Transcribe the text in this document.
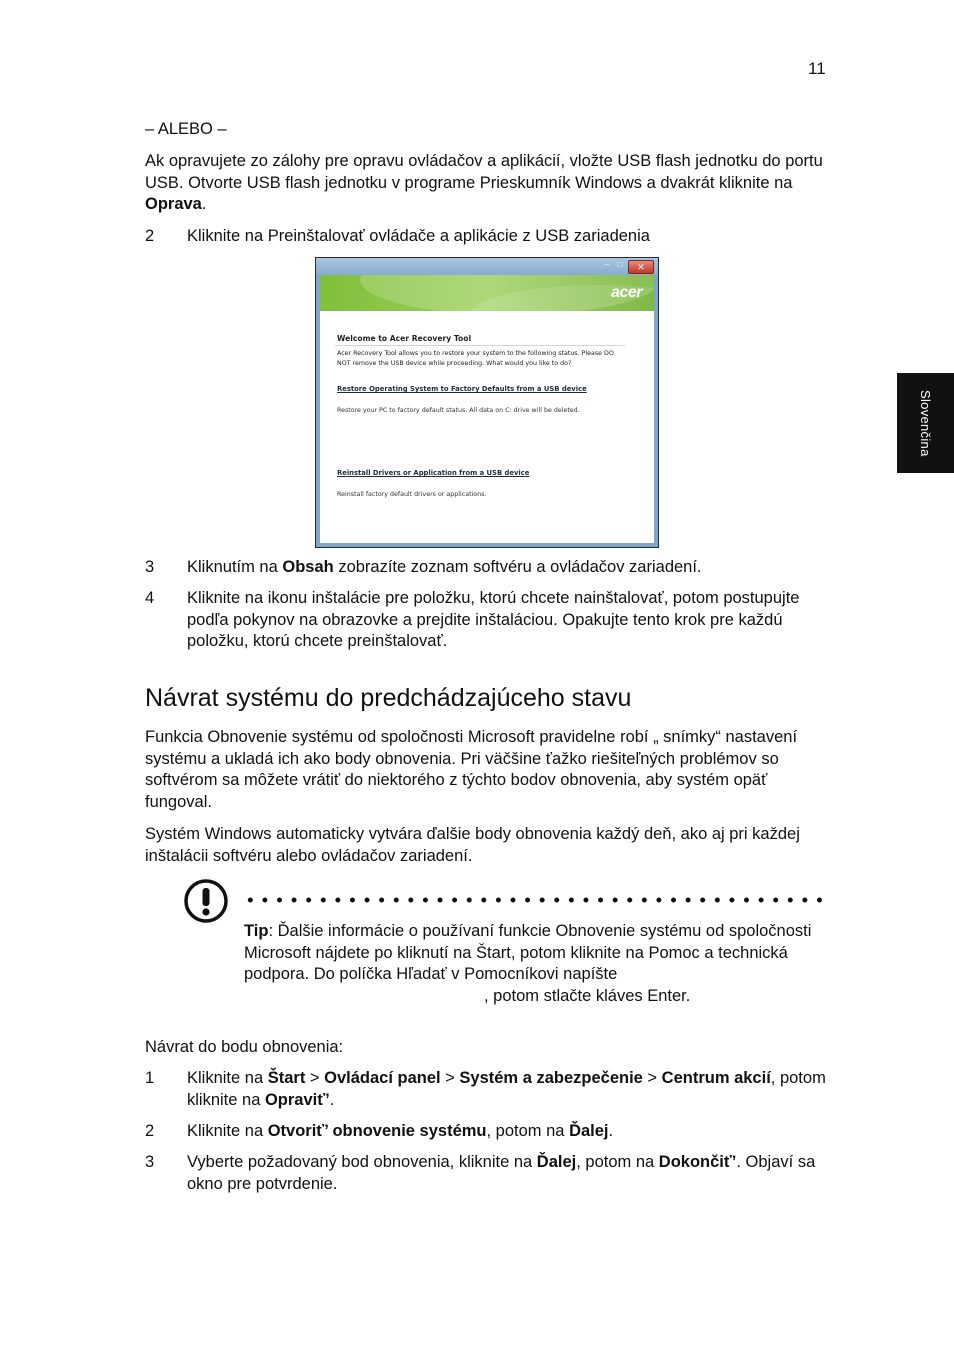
11
Slovenčina

– ALEBO –

Ak opravujete zo zálohy pre opravu ovládačov a aplikácií, vložte USB flash jednotku do portu USB. Otvorte USB flash jednotku v programe Prieskumník Windows a dvakrát kliknite na Oprava.

2 Kliknite na Preinštalovať ovládače a aplikácie z USB zariadenia

–	□	✕
acer
Welcome to Acer Recovery Tool
Acer Recovery Tool allows you to restore your system to the following status. Please DO NOT remove the USB device while proceeding. What would you like to do?
Restore Operating System to Factory Defaults from a USB device
Restore your PC to factory default status. All data on C: drive will be deleted.
Reinstall Drivers or Application from a USB device
Reinstall factory default drivers or applications.
3 Kliknutím na Obsah zobrazíte zoznam softvéru a ovládačov zariadení.

4 Kliknite na ikonu inštalácie pre položku, ktorú chcete nainštalovať, potom postupujte podľa pokynov na obrazovke a prejdite inštaláciou. Opakujte tento krok pre každú položku, ktorú chcete preinštalovať.

Návrat systému do predchádzajúceho stavu

Funkcia Obnovenie systému od spoločnosti Microsoft pravidelne robí „ snímky“ nastavení systému a ukladá ich ako body obnovenia. Pri väčšine ťažko riešiteľných problémov so softvérom sa môžete vrátiť do niektorého z týchto bodov obnovenia, aby systém opäť fungoval.

Systém Windows automaticky vytvára ďalšie body obnovenia každý deň, ako aj pri každej inštalácii softvéru alebo ovládačov zariadení.

Tip: Ďalšie informácie o používaní funkcie Obnovenie systému od spoločnosti Microsoft nájdete po kliknutí na Štart, potom kliknite na Pomoc a technická podpora. Do políčka Hľadať v Pomocníkovi napíšte, potom stlačte kláves Enter.

Návrat do bodu obnovenia:

1 Kliknite na Štart > Ovládací panel > Systém a zabezpečenie > Centrum akcií, potom kliknite na Opraviť’.

2 Kliknite na Otvoriť’ obnovenie systému, potom na Ďalej.

3 Vyberte požadovaný bod obnovenia, kliknite na Ďalej, potom na Dokončiť’. Objaví sa okno pre potvrdenie.
